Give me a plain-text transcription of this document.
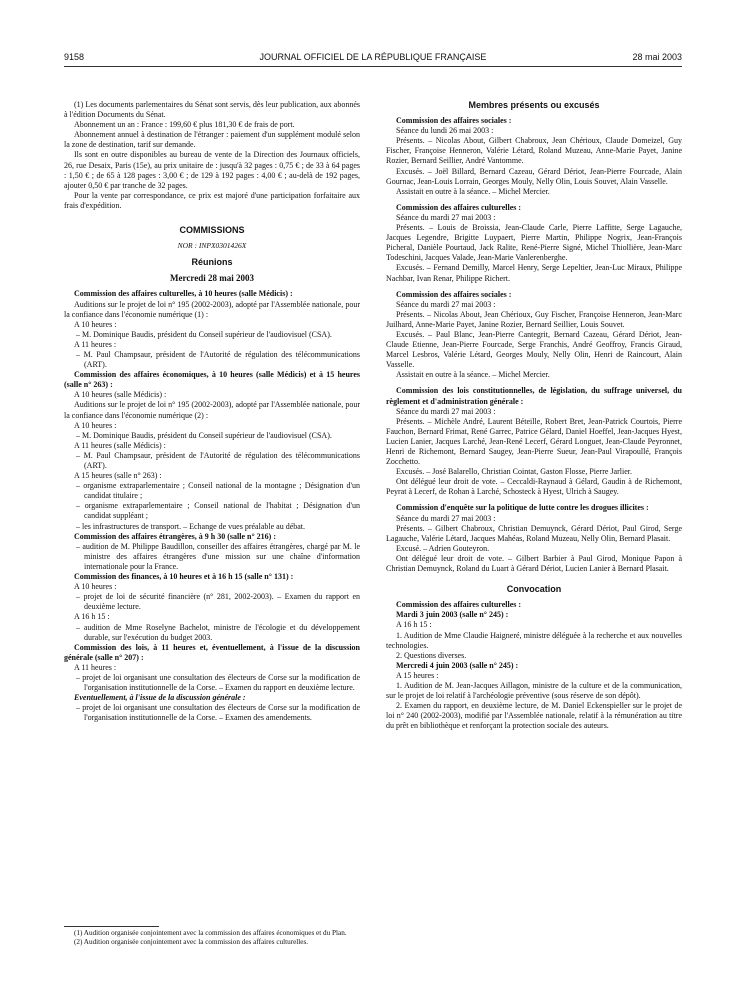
9158	JOURNAL OFFICIEL DE LA RÉPUBLIQUE FRANÇAISE	28 mai 2003

(1) Les documents parlementaires du Sénat sont servis, dès leur publication, aux abonnés à l'édition Documents du Sénat.

Abonnement un an : France : 199,60 € plus 181,30 € de frais de port.

Abonnement annuel à destination de l'étranger : paiement d'un supplément modulé selon la zone de destination, tarif sur demande.

Ils sont en outre disponibles au bureau de vente de la Direction des Journaux officiels, 26, rue Desaix, Paris (15e), au prix unitaire de : jusqu'à 32 pages : 0,75 € ; de 33 à 64 pages : 1,50 € ; de 65 à 128 pages : 3,00 € ; de 129 à 192 pages : 4,00 € ; au-delà de 192 pages, ajouter 0,50 € par tranche de 32 pages.

Pour la vente par correspondance, ce prix est majoré d'une participation forfaitaire aux frais d'expédition.

COMMISSIONS

NOR : INPX0301426X

Réunions

Mercredi 28 mai 2003

Commission des affaires culturelles, à 10 heures (salle Médicis) :

Auditions sur le projet de loi n° 195 (2002-2003), adopté par l'Assemblée nationale, pour la confiance dans l'économie numérique (1) :

A 10 heures :

– M. Dominique Baudis, président du Conseil supérieur de l'audiovisuel (CSA).

A 11 heures :

– M. Paul Champsaur, président de l'Autorité de régulation des télécommunications (ART).

Commission des affaires économiques, à 10 heures (salle Médicis) et à 15 heures (salle n° 263) :

A 10 heures (salle Médicis) :

Auditions sur le projet de loi n° 195 (2002-2003), adopté par l'Assemblée nationale, pour la confiance dans l'économie numérique (2) :

A 10 heures :

– M. Dominique Baudis, président du Conseil supérieur de l'audiovisuel (CSA).

A 11 heures (salle Médicis) :

– M. Paul Champsaur, président de l'Autorité de régulation des télécommunications (ART).

A 15 heures (salle n° 263) :

– organisme extraparlementaire ; Conseil national de la montagne ; Désignation d'un candidat titulaire ;

– organisme extraparlementaire ; Conseil national de l'habitat ; Désignation d'un candidat suppléant ;

– les infrastructures de transport. – Echange de vues préalable au débat.

Commission des affaires étrangères, à 9 h 30 (salle n° 216) :

– audition de M. Philippe Baudillon, conseiller des affaires étrangères, chargé par M. le ministre des affaires étrangères d'une mission sur une chaîne d'information internationale pour la France.

Commission des finances, à 10 heures et à 16 h 15 (salle n° 131) :

A 10 heures :

– projet de loi de sécurité financière (n° 281, 2002-2003). – Examen du rapport en deuxième lecture.

A 16 h 15 :

– audition de Mme Roselyne Bachelot, ministre de l'écologie et du développement durable, sur l'exécution du budget 2003.

Commission des lois, à 11 heures et, éventuellement, à l'issue de la discussion générale (salle n° 207) :

A 11 heures :

– projet de loi organisant une consultation des électeurs de Corse sur la modification de l'organisation institutionnelle de la Corse. – Examen du rapport en deuxième lecture.

Eventuellement, à l'issue de la discussion générale :

– projet de loi organisant une consultation des électeurs de Corse sur la modification de l'organisation institutionnelle de la Corse. – Examen des amendements.

(1) Audition organisée conjointement avec la commission des affaires économiques et du Plan.

(2) Audition organisée conjointement avec la commission des affaires culturelles.

Membres présents ou excusés

Commission des affaires sociales :

Séance du lundi 26 mai 2003 :

Présents. – Nicolas About, Gilbert Chabroux, Jean Chérioux, Claude Domeizel, Guy Fischer, Françoise Henneron, Valérie Létard, Roland Muzeau, Anne-Marie Payet, Janine Rozier, Bernard Seillier, André Vantomme.

Excusés. – Joël Billard, Bernard Cazeau, Gérard Dériot, Jean-Pierre Fourcade, Alain Gournac, Jean-Louis Lorrain, Georges Mouly, Nelly Olin, Louis Souvet, Alain Vasselle.

Assistait en outre à la séance. – Michel Mercier.

Commission des affaires culturelles :

Séance du mardi 27 mai 2003 :

Présents. – Louis de Broissia, Jean-Claude Carle, Pierre Laffitte, Serge Lagauche, Jacques Legendre, Brigitte Luypaert, Pierre Martin, Philippe Nogrix, Jean-François Picheral, Danièle Pourtaud, Jack Ralite, René-Pierre Signé, Michel Thiollière, Jean-Marc Todeschini, Jacques Valade, Jean-Marie Vanlerenberghe.

Excusés. – Fernand Demilly, Marcel Henry, Serge Lepeltier, Jean-Luc Miraux, Philippe Nachbar, Ivan Renar, Philippe Richert.

Commission des affaires sociales :

Séance du mardi 27 mai 2003 :

Présents. – Nicolas About, Jean Chérioux, Guy Fischer, Françoise Henneron, Jean-Marc Juilhard, Anne-Marie Payet, Janine Rozier, Bernard Seillier, Louis Souvet.

Excusés. – Paul Blanc, Jean-Pierre Cantegrit, Bernard Cazeau, Gérard Dériot, Jean-Claude Etienne, Jean-Pierre Fourcade, Serge Franchis, André Geoffroy, Francis Giraud, Marcel Lesbros, Valérie Létard, Georges Mouly, Nelly Olin, Henri de Raincourt, Alain Vasselle.

Assistait en outre à la séance. – Michel Mercier.

Commission des lois constitutionnelles, de législation, du suffrage universel, du règlement et d'administration générale :

Séance du mardi 27 mai 2003 :

Présents. – Michèle André, Laurent Béteille, Robert Bret, Jean-Patrick Courtois, Pierre Fauchon, Bernard Frimat, René Garrec, Patrice Gélard, Daniel Hoeffel, Jean-Jacques Hyest, Lucien Lanier, Jacques Larché, Jean-René Lecerf, Gérard Longuet, Jean-Claude Peyronnet, Henri de Richemont, Bernard Saugey, Jean-Pierre Sueur, Jean-Paul Virapoullé, François Zocchetto.

Excusés. – José Balarello, Christian Cointat, Gaston Flosse, Pierre Jarlier.

Ont délégué leur droit de vote. – Ceccaldi-Raynaud à Gélard, Gaudin à de Richemont, Peyrat à Lecerf, de Rohan à Larché, Schosteck à Hyest, Ulrich à Saugey.

Commission d'enquête sur la politique de lutte contre les drogues illicites :

Séance du mardi 27 mai 2003 :

Présents. – Gilbert Chabroux, Christian Demuynck, Gérard Dériot, Paul Girod, Serge Lagauche, Valérie Létard, Jacques Mahéas, Roland Muzeau, Nelly Olin, Bernard Plasait.

Excusé. – Adrien Gouteyron.

Ont délégué leur droit de vote. – Gilbert Barbier à Paul Girod, Monique Papon à Christian Demuynck, Roland du Luart à Gérard Dériot, Lucien Lanier à Bernard Plasait.

Convocation

Commission des affaires culturelles :

Mardi 3 juin 2003 (salle n° 245) :

A 16 h 15 :

1. Audition de Mme Claudie Haigneré, ministre déléguée à la recherche et aux nouvelles technologies.

2. Questions diverses.

Mercredi 4 juin 2003 (salle n° 245) :

A 15 heures :

1. Audition de M. Jean-Jacques Aillagon, ministre de la culture et de la communication, sur le projet de loi relatif à l'archéologie préventive (sous réserve de son dépôt).

2. Examen du rapport, en deuxième lecture, de M. Daniel Eckenspieller sur le projet de loi n° 240 (2002-2003), modifié par l'Assemblée nationale, relatif à la rémunération au titre du prêt en bibliothèque et renforçant la protection sociale des auteurs.
